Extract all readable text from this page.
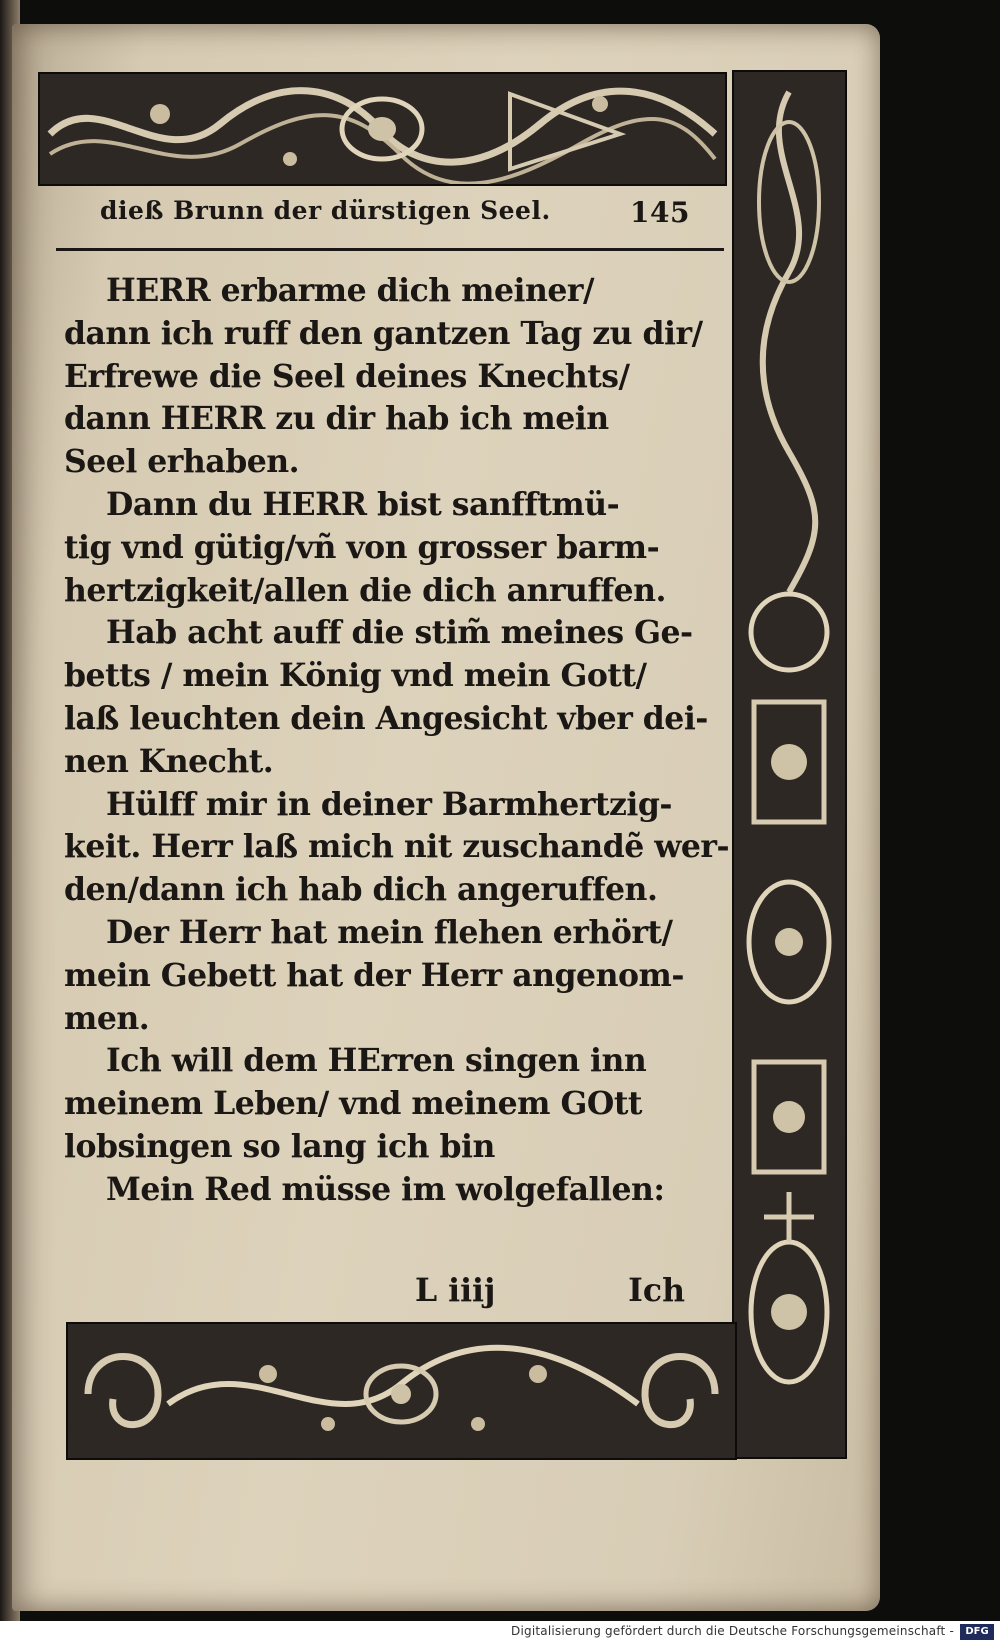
dieß Brunn der dürstigen Seel.	145
HERR erbarme dich meiner/
dann ich ruff den gantzen Tag zu dir/
Erfrewe die Seel deines Knechts/
dann HERR zu dir hab ich mein
Seel erhaben.
Dann du HERR bist sanfftmü-
tig vnd gütig/vñ von grosser barm-
hertzigkeit/allen die dich anruffen.
Hab acht auff die stim̃ meines Ge-
betts / mein König vnd mein Gott/
laß leuchten dein Angesicht vber dei-
nen Knecht.
Hülff mir in deiner Barmhertzig-
keit. Herr laß mich nit zuschandẽ wer-
den/dann ich hab dich angeruffen.
Der Herr hat mein flehen erhört/
mein Gebett hat der Herr angenom-
men.
Ich will dem HErren singen inn
meinem Leben/ vnd meinem GOtt
lobsingen so lang ich bin
Mein Red müsse im wolgefallen:
L iiij	Ich
Digitalisierung gefördert durch die Deutsche Forschungsgemeinschaft -	DFG
